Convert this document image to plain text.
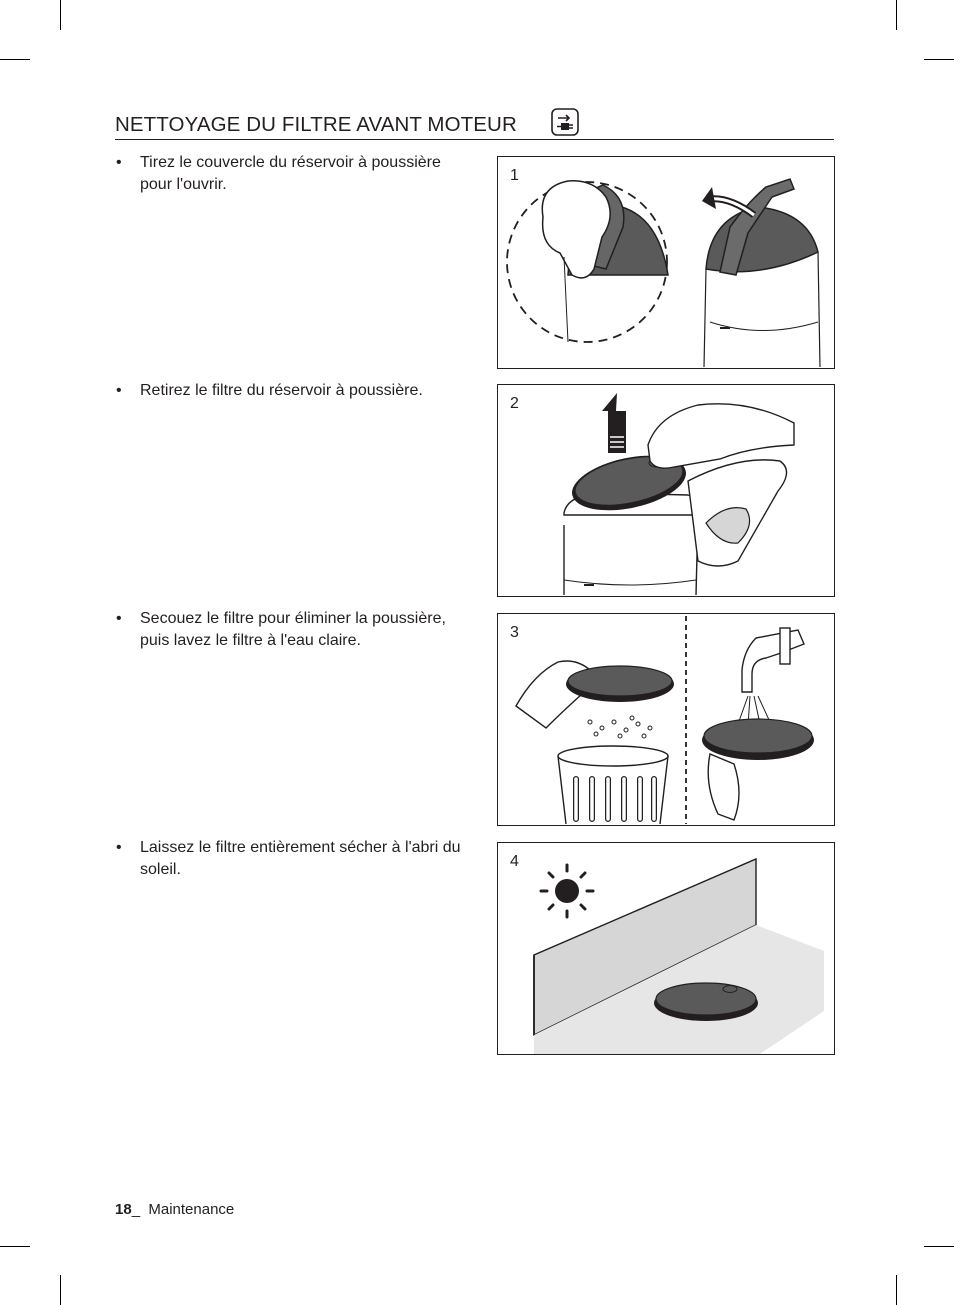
NETTOYAGE DU FILTRE AVANT MOTEUR

• Tirez le couvercle du réservoir à poussière pour l'ouvrir.

• Retirez le filtre du réservoir à poussière.

• Secouez le filtre pour éliminer la poussière, puis lavez le filtre à l'eau claire.

• Laissez le filtre entièrement sécher à l'abri du soleil.

1
2
3
4
18_ Maintenance
